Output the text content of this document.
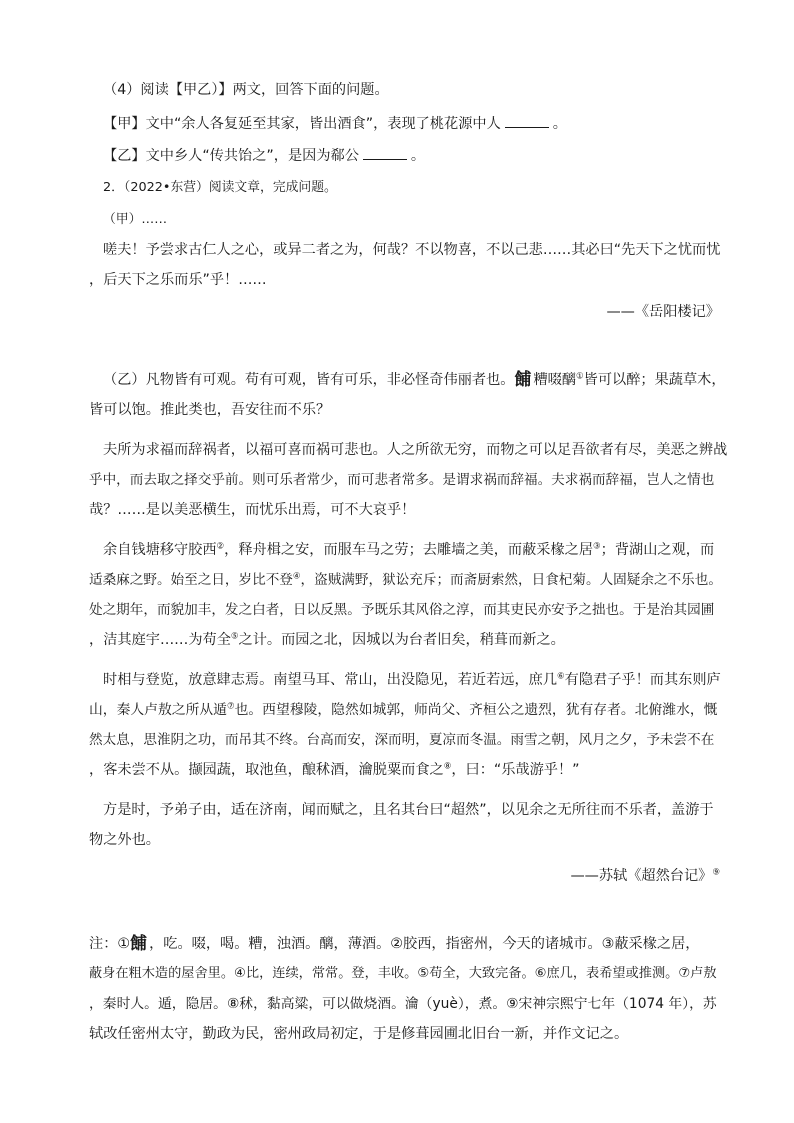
（4）阅读【甲乙）】两文，回答下面的问题。
【甲】文中“余人各复延至其家，皆出酒食”，表现了桃花源中人	。
【乙】文中乡人“传共饴之”，是因为郗公	。
2．（2022•东营）阅读文章，完成问题。
（甲）……
嗟夫！予尝求古仁人之心，或异二者之为，何哉？不以物喜，不以己悲……其必曰“先天下之忧而忧
，后天下之乐而乐”乎！……
——《岳阳楼记》
（乙）凡物皆有可观。苟有可观，皆有可乐，非必怪奇伟丽者也。餔 糟啜醨①皆可以醉；果蔬草木，
皆可以饱。推此类也，吾安往而不乐？
夫所为求福而辞祸者，以福可喜而祸可悲也。人之所欲无穷，而物之可以足吾欲者有尽，美恶之辨战
乎中，而去取之择交乎前。则可乐者常少，而可悲者常多。是谓求祸而辞福。夫求祸而辞福，岂人之情也
哉？……是以美恶横生，而忧乐出焉，可不大哀乎！
余自钱塘移守胶西②，释舟楫之安，而服车马之劳；去雕墙之美，而蔽采椽之居③；背湖山之观，而
适桑麻之野。始至之日，岁比不登④，盗贼满野，狱讼充斥；而斋厨索然，日食杞菊。人固疑余之不乐也。
处之期年，而貌加丰，发之白者，日以反黑。予既乐其风俗之淳，而其吏民亦安予之拙也。于是治其园圃
，洁其庭宇……为苟全⑤之计。而园之北，因城以为台者旧矣，稍葺而新之。
时相与登览，放意肆志焉。南望马耳、常山，出没隐见，若近若远，庶几⑥有隐君子乎！而其东则庐
山，秦人卢敖之所从遁⑦也。西望穆陵，隐然如城郭，师尚父、齐桓公之遗烈，犹有存者。北俯潍水，慨
然太息，思淮阴之功，而吊其不终。台高而安，深而明，夏凉而冬温。雨雪之朝，风月之夕，予未尝不在
，客未尝不从。撷园蔬，取池鱼，酿秫酒，瀹脱粟而食之⑧，曰：“乐哉游乎！”
方是时，予弟子由，适在济南，闻而赋之，且名其台曰“超然”，以见余之无所往而不乐者，盖游于
物之外也。
——苏轼《超然台记》⑨
注：①餔 ，吃。啜，喝。糟，浊酒。醨，薄酒。②胶西，指密州，今天的诸城市。③蔽采椽之居，
蔽身在粗木造的屋舍里。④比，连续，常常。登，丰收。⑤苟全，大致完备。⑥庶几，表希望或推测。⑦卢敖
，秦时人。遁，隐居。⑧秫，黏高粱，可以做烧酒。瀹（yuè），煮。⑨宋神宗熙宁七年（1074 年），苏
轼改任密州太守，勤政为民，密州政局初定，于是修葺园圃北旧台一新，并作文记之。
